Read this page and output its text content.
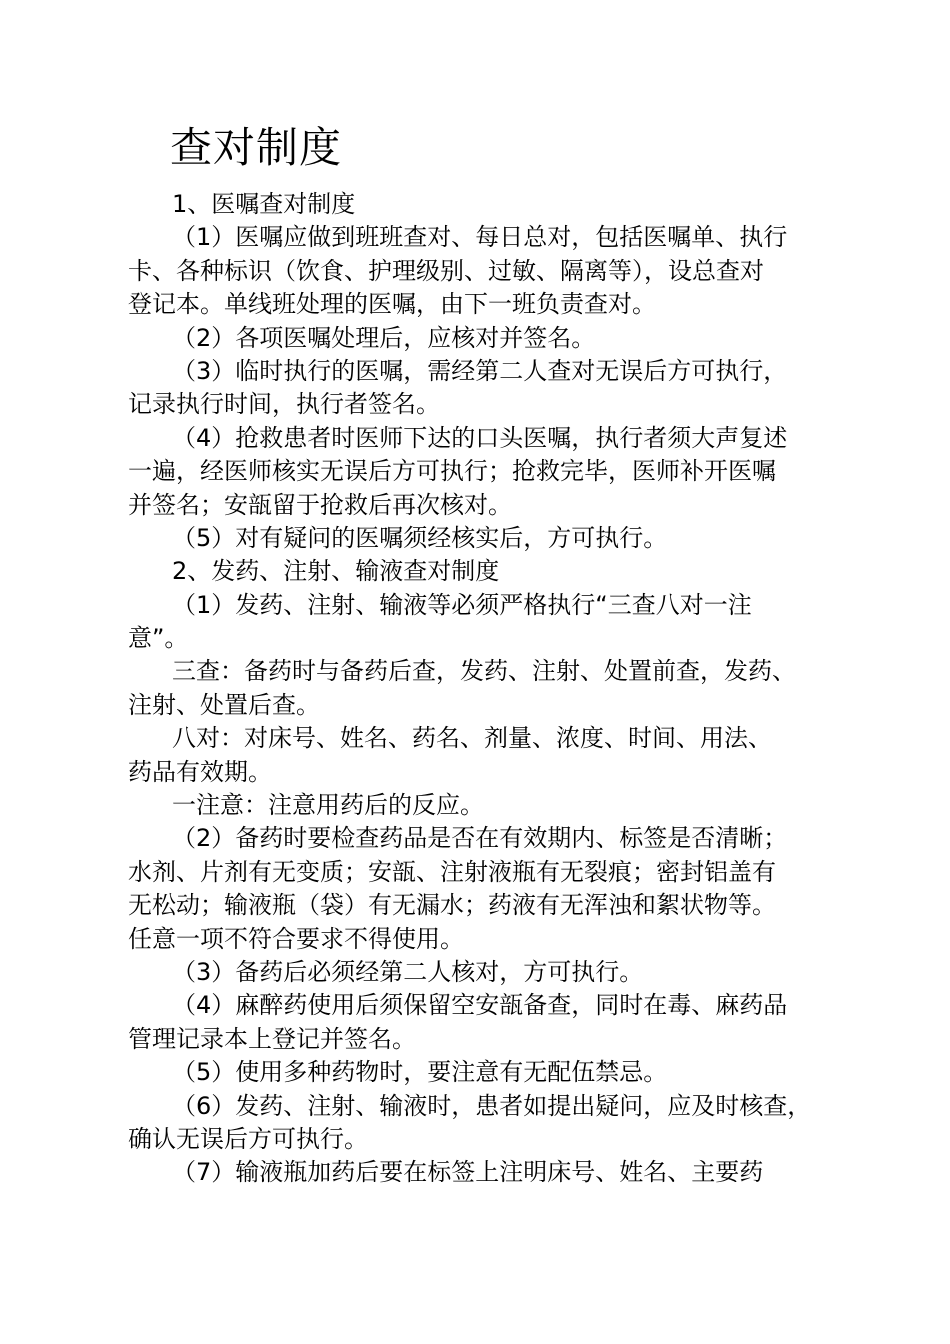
查对制度
1、医嘱查对制度
（1）医嘱应做到班班查对、每日总对，包括医嘱单、执行
卡、各种标识（饮食、护理级别、过敏、隔离等），设总查对
登记本。单线班处理的医嘱，由下一班负责查对。
（2）各项医嘱处理后，应核对并签名。
（3）临时执行的医嘱，需经第二人查对无误后方可执行，
记录执行时间，执行者签名。
（4）抢救患者时医师下达的口头医嘱，执行者须大声复述
一遍，经医师核实无误后方可执行；抢救完毕，医师补开医嘱
并签名；安瓿留于抢救后再次核对。
（5）对有疑问的医嘱须经核实后，方可执行。
2、发药、注射、输液查对制度
（1）发药、注射、输液等必须严格执行“三查八对一注
意”。
三查：备药时与备药后查，发药、注射、处置前查，发药、
注射、处置后查。
八对：对床号、姓名、药名、剂量、浓度、时间、用法、
药品有效期。
一注意：注意用药后的反应。
（2）备药时要检查药品是否在有效期内、标签是否清晰；
水剂、片剂有无变质；安瓿、注射液瓶有无裂痕；密封铝盖有
无松动；输液瓶（袋）有无漏水；药液有无浑浊和絮状物等。
任意一项不符合要求不得使用。
（3）备药后必须经第二人核对，方可执行。
（4）麻醉药使用后须保留空安瓿备查，同时在毒、麻药品
管理记录本上登记并签名。
（5）使用多种药物时，要注意有无配伍禁忌。
（6）发药、注射、输液时，患者如提出疑问，应及时核查，
确认无误后方可执行。
（7）输液瓶加药后要在标签上注明床号、姓名、主要药
